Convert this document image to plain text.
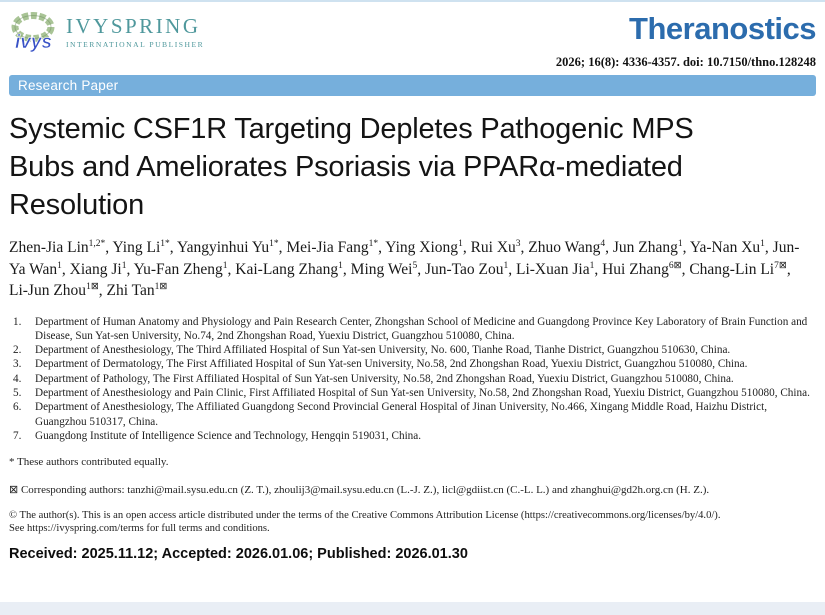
ivys
IVYSPRING
INTERNATIONAL PUBLISHER	Theranostics
2026; 16(8): 4336-4357. doi: 10.7150/thno.128248
Research Paper
Systemic CSF1R Targeting Depletes Pathogenic MPS
Bubs and Ameliorates Psoriasis via PPARα-mediated
Resolution
Zhen-Jia Lin$^{1,2*}$, Ying $Li^{1*}$, Yangyinhui $Yu^{1*}$, Mei-Jia Fang$^{1*}$, Ying Xiong$^1$, Rui Xu$^3$, Zhuo Wang$^4$, Jun Zhang$^1$, Ya-Nan Xu$^1$, Jun-Ya Wan$^1$, Xiang Ji$^1$, Yu-Fan Zheng$^1$, Kai-Lang Zhang$^1$, Ming Wei$^5$, Jun-Tao Zou$^1$, Li-Xuan Jia$^1$, Hui Zhang$^{6⊠}$, Chang-Lin $Li^{7⊠}$, Li-Jun Zhou$^{1⊠}$, Zhi Tan$^{1⊠}$
1.	Department of Human Anatomy and Physiology and Pain Research Center, Zhongshan School of Medicine and Guangdong Province Key Laboratory of Brain Function and Disease, Sun Yat-sen University, No.74, 2nd Zhongshan Road, Yuexiu District, Guangzhou 510080, China.
2.	Department of Anesthesiology, The Third Affiliated Hospital of Sun Yat-sen University, No. 600, Tianhe Road, Tianhe District, Guangzhou 510630, China.
3.	Department of Dermatology, The First Affiliated Hospital of Sun Yat-sen University, No.58, 2nd Zhongshan Road, Yuexiu District, Guangzhou 510080, China.
4.	Department of Pathology, The First Affiliated Hospital of Sun Yat-sen University, No.58, 2nd Zhongshan Road, Yuexiu District, Guangzhou 510080, China.
5.	Department of Anesthesiology and Pain Clinic, First Affiliated Hospital of Sun Yat-sen University, No.58, 2nd Zhongshan Road, Yuexiu District, Guangzhou 510080, China.
6.	Department of Anesthesiology, The Affiliated Guangdong Second Provincial General Hospital of Jinan University, No.466, Xingang Middle Road, Haizhu District, Guangzhou 510317, China.
7.	Guangdong Institute of Intelligence Science and Technology, Hengqin 519031, China.
* These authors contributed equally.
⊠ Corresponding authors: tanzhi@mail.sysu.edu.cn (Z. T.), zhoulij3@mail.sysu.edu.cn (L.-J. Z.), licl@gdiist.cn (C.-L. L.) and zhanghui@gd2h.org.cn (H. Z.).
© The author(s). This is an open access article distributed under the terms of the Creative Commons Attribution License (https://creativecommons.org/licenses/by/4.0/).
See https://ivyspring.com/terms for full terms and conditions.
Received: 2025.11.12; Accepted: 2026.01.06; Published: 2026.01.30
